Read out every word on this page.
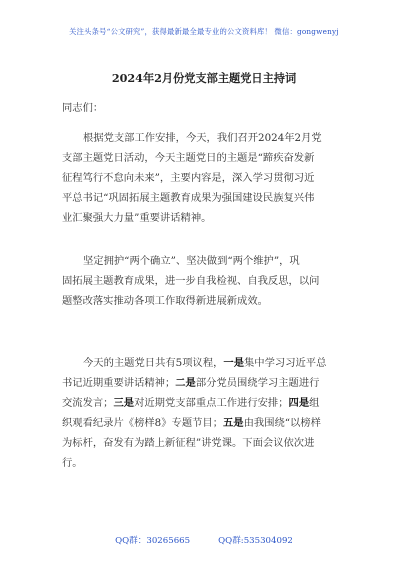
关注头条号“公文研究”，获得最新最全最专业的公文资料库！ 微信：gongwenyj
2024年2月份党支部主题党日主持词
同志们：
根据党支部工作安排，今天，我们召开2024年2月党
支部主题党日活动，今天主题党日的主题是“蹄疾奋发新
征程笃行不怠向未来”，主要内容是，深入学习贯彻习近
平总书记“巩固拓展主题教育成果为强国建设民族复兴伟
业汇聚强大力量”重要讲话精神。
坚定拥护“两个确立”、坚决做到“两个维护”，巩
固拓展主题教育成果，进一步自我检视、自我反思，以问
题整改落实推动各项工作取得新进展新成效。
今天的主题党日共有5项议程，一是集中学习习近平总
书记近期重要讲话精神；二是部分党员围绕学习主题进行
交流发言；三是对近期党支部重点工作进行安排；四是组
织观看纪录片《榜样8》专题节目；五是由我围绕“以榜样
为标杆，奋发有为踏上新征程”讲党课。下面会议依次进
行。
QQ群：30265665	QQ群:535304092
